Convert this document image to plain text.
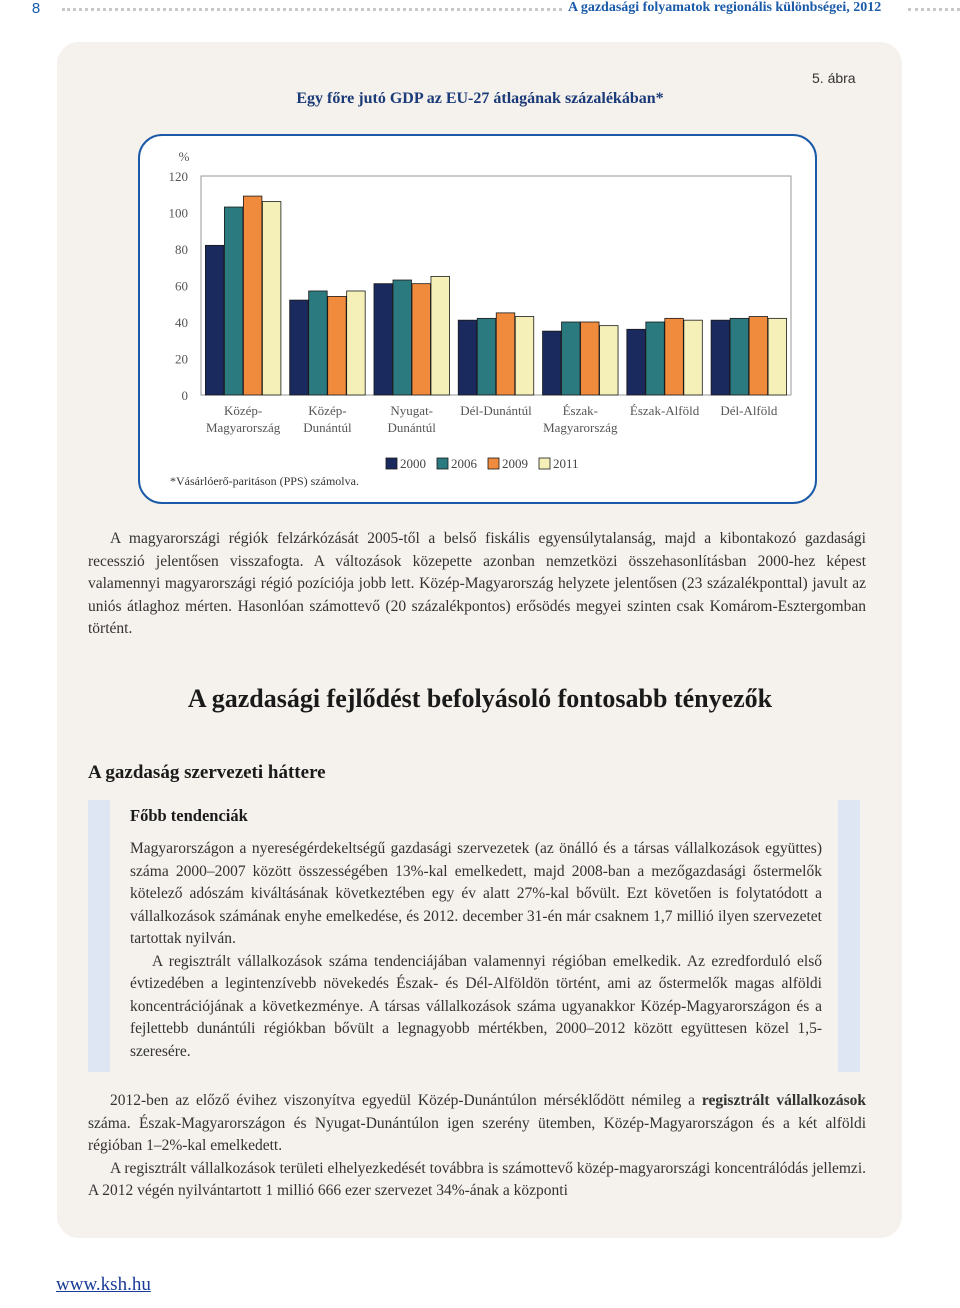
8	A gazdasági folyamatok regionális különbségei, 2012
5. ábra
Egy főre jutó GDP az EU-27 átlagának százalékában*
%
0
20
40
60
80
100
120
Közép-
Magyarország
Közép-
Dunántúl
Nyugat-
Dunántúl
Dél-Dunántúl Észak-
Magyarország
Észak-Alföld Dél-Alföld
2000 2006 2009 2011
*Vásárlóerő-paritáson (PPS) számolva.

A magyarországi régiók felzárkózását 2005-től a belső fiskális egyensúlytalanság, majd a kibontakozó gazdasági recesszió jelentősen visszafogta. A változások közepette azonban nemzetközi összehasonlításban 2000-hez képest valamennyi magyarországi régió pozíciója jobb lett. Közép-Magyarország helyzete jelentősen (23 százalékponttal) javult az uniós átlaghoz mérten. Hasonlóan számottevő (20 százalékpontos) erősödés megyei szinten csak Komárom-Esztergomban történt.

A gazdasági fejlődést befolyásoló fontosabb tényezők
A gazdaság szervezeti háttere
Főbb tendenciák

Magyarországon a nyereségérdekeltségű gazdasági szervezetek (az önálló és a társas vállalkozások együttes) száma 2000–2007 között összességében 13%-kal emelkedett, majd 2008-ban a mezőgazdasági őstermelők kötelező adószám kiváltásának következtében egy év alatt 27%-kal bővült. Ezt követően is folytatódott a vállalkozások számának enyhe emelkedése, és 2012. december 31-én már csaknem 1,7 millió ilyen szervezetet tartottak nyilván.

A regisztrált vállalkozások száma tendenciájában valamennyi régióban emelkedik. Az ezredforduló első évtizedében a legintenzívebb növekedés Észak- és Dél-Alföldön történt, ami az őstermelők magas alföldi koncentrációjának a következménye. A társas vállalkozások száma ugyanakkor Közép-Magyarországon és a fejlettebb dunántúli régiókban bővült a legnagyobb mértékben, 2000–2012 között együttesen közel 1,5-szeresére.

2012-ben az előző évihez viszonyítva egyedül Közép-Dunántúlon mérséklődött némileg a regisztrált vállalkozások száma. Észak-Magyarországon és Nyugat-Dunántúlon igen szerény ütemben, Közép-Magyarországon és a két alföldi régióban 1–2%-kal emelkedett.

A regisztrált vállalkozások területi elhelyezkedését továbbra is számottevő közép-magyarországi koncentrálódás jellemzi. A 2012 végén nyilvántartott 1 millió 666 ezer szervezet 34%-ának a központi

www.ksh.hu
